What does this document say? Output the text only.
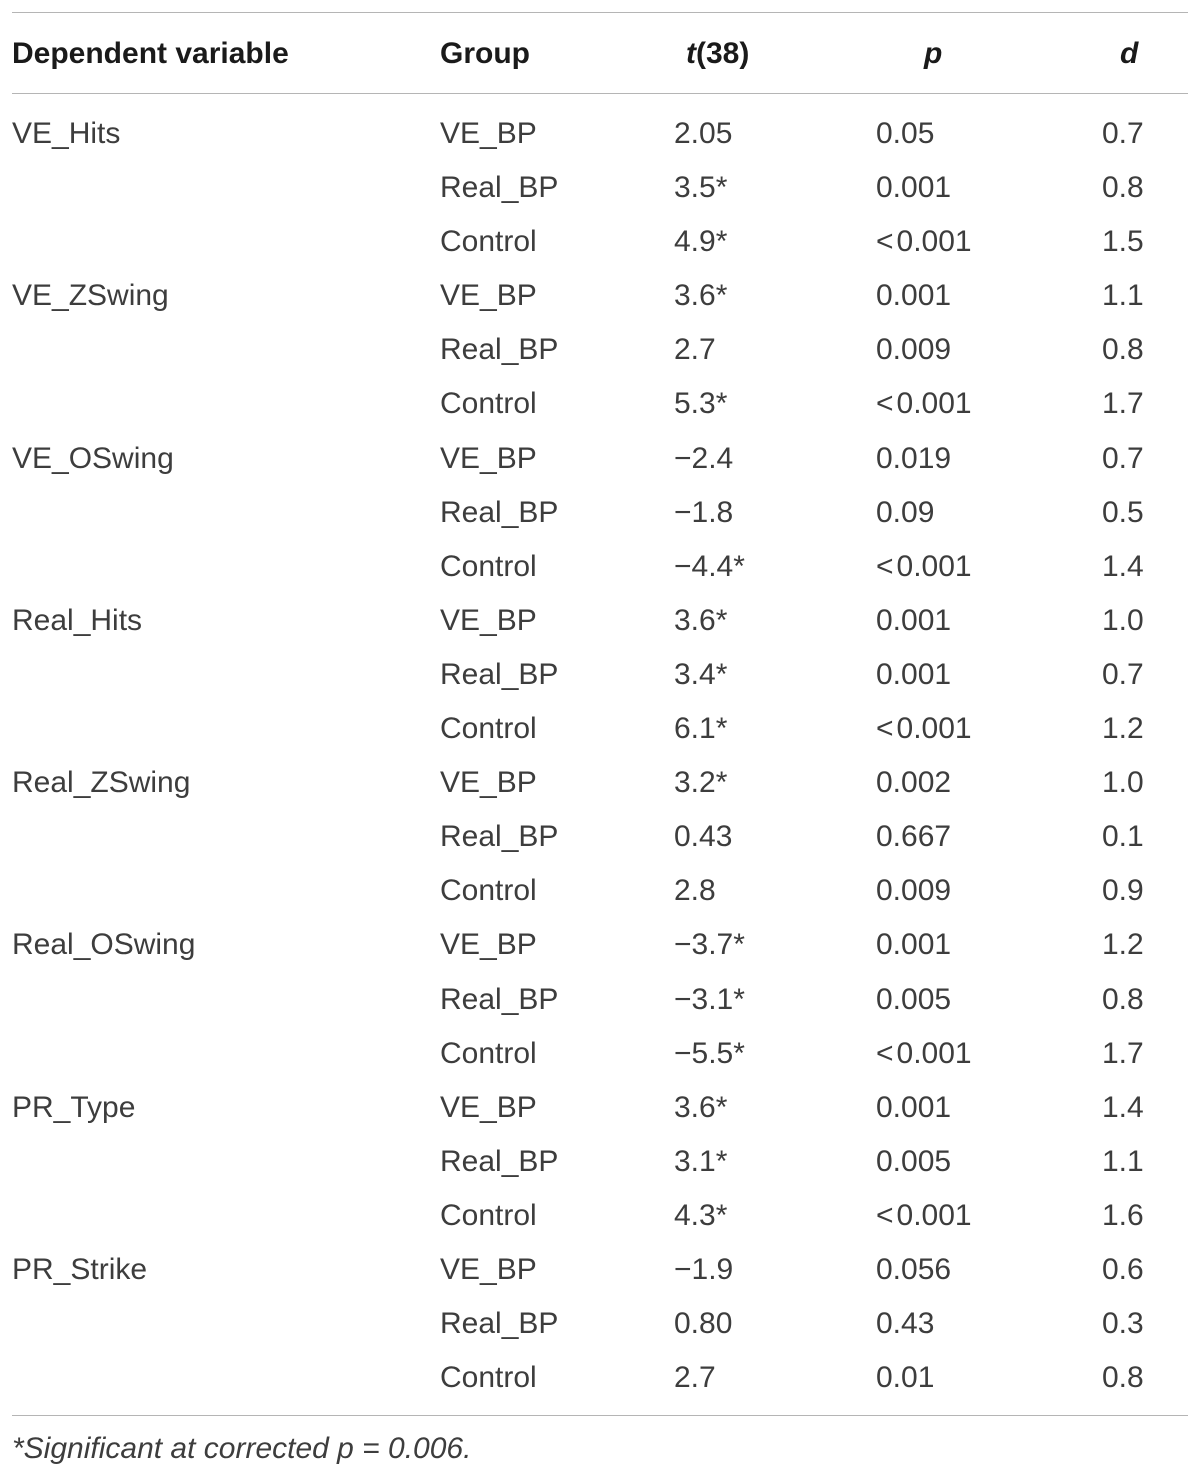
Dependent variable	Group	t(38)	p	d
VE_Hits	VE_BP	2.05	0.05	0.7
Real_BP	3.5*	0.001	0.8
Control	4.9*	< 0.001	1.5
VE_ZSwing	VE_BP	3.6*	0.001	1.1
Real_BP	2.7	0.009	0.8
Control	5.3*	< 0.001	1.7
VE_OSwing	VE_BP	−2.4	0.019	0.7
Real_BP	−1.8	0.09	0.5
Control	−4.4*	< 0.001	1.4
Real_Hits	VE_BP	3.6*	0.001	1.0
Real_BP	3.4*	0.001	0.7
Control	6.1*	< 0.001	1.2
Real_ZSwing	VE_BP	3.2*	0.002	1.0
Real_BP	0.43	0.667	0.1
Control	2.8	0.009	0.9
Real_OSwing	VE_BP	−3.7*	0.001	1.2
Real_BP	−3.1*	0.005	0.8
Control	−5.5*	< 0.001	1.7
PR_Type	VE_BP	3.6*	0.001	1.4
Real_BP	3.1*	0.005	1.1
Control	4.3*	< 0.001	1.6
PR_Strike	VE_BP	−1.9	0.056	0.6
Real_BP	0.80	0.43	0.3
Control	2.7	0.01	0.8
*Significant at corrected p = 0.006.
